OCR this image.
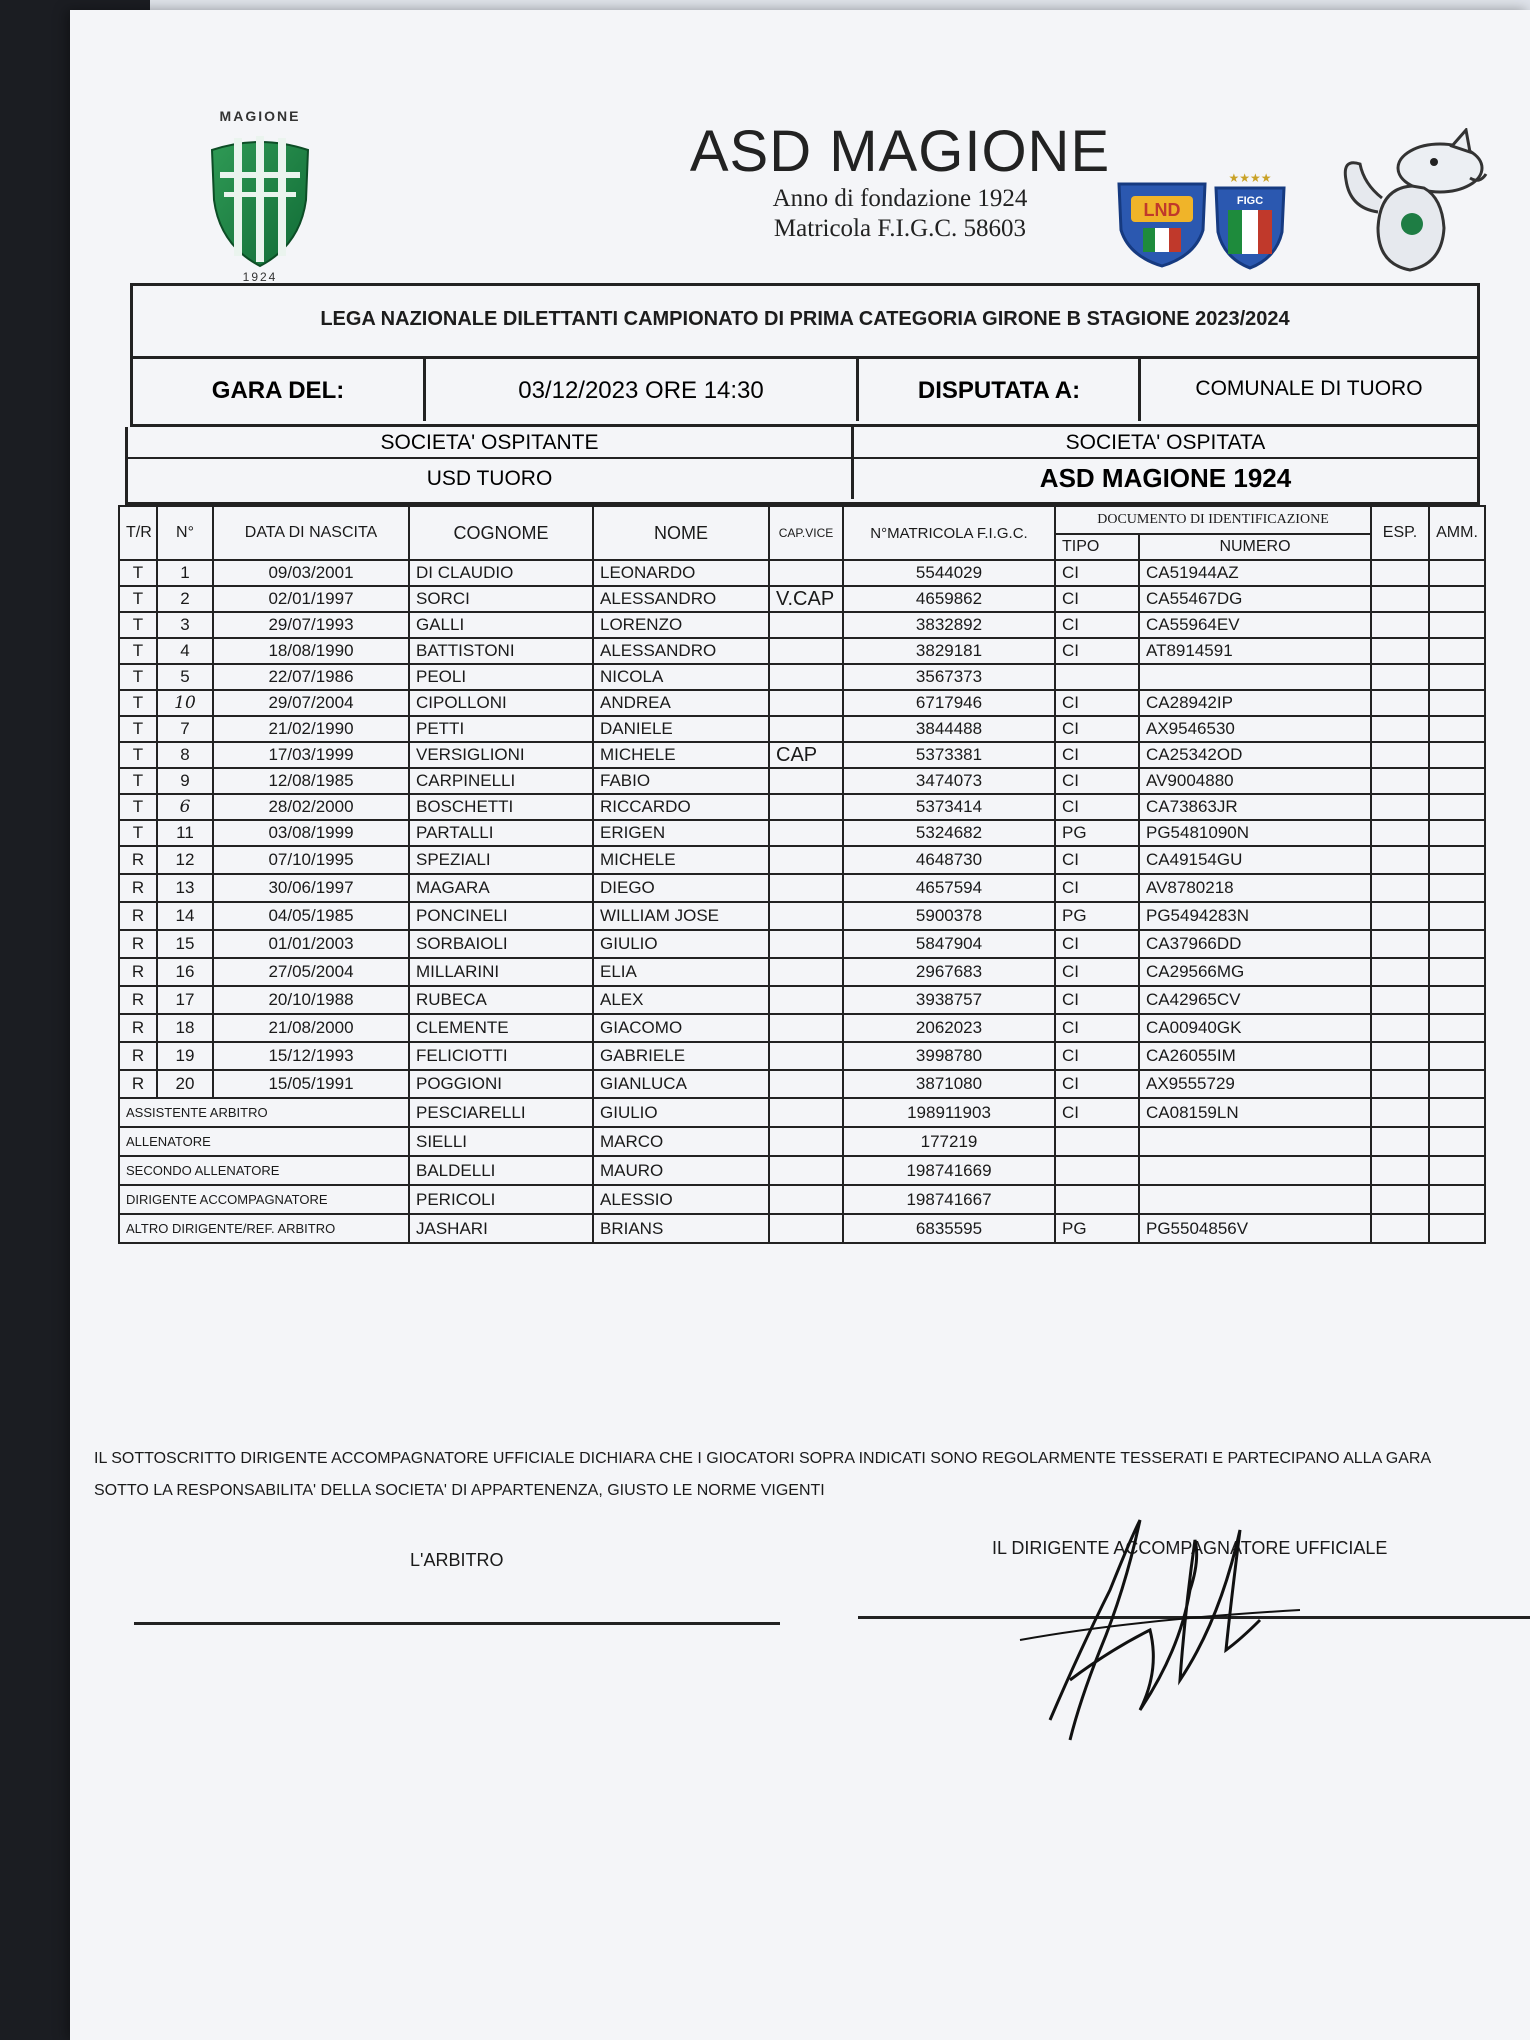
MAGIONE
1924
ASD MAGIONE
Anno di fondazione 1924
Matricola F.I.G.C. 58603
LND
★★★★
FIGC
LEGA NAZIONALE DILETTANTI CAMPIONATO DI PRIMA CATEGORIA GIRONE B STAGIONE 2023/2024
GARA DEL:	03/12/2023 ORE 14:30	DISPUTATA A:	COMUNALE DI TUORO
SOCIETA' OSPITANTE	SOCIETA' OSPITATA
USD TUORO	ASD MAGIONE 1924
T/R	N°	DATA DI NASCITA	COGNOME	NOME	CAP.VICE	N°MATRICOLA F.I.G.C.	DOCUMENTO DI IDENTIFICAZIONE		ESP.	AMM.
							TIPO	NUMERO		
T	1	09/03/2001	DI CLAUDIO	LEONARDO		5544029	CI	CA51944AZ		
T	2	02/01/1997	SORCI	ALESSANDRO	V.CAP	4659862	CI	CA55467DG		
T	3	29/07/1993	GALLI	LORENZO		3832892	CI	CA55964EV		
T	4	18/08/1990	BATTISTONI	ALESSANDRO		3829181	CI	AT8914591		
T	5	22/07/1986	PEOLI	NICOLA		3567373				
T	10	29/07/2004	CIPOLLONI	ANDREA		6717946	CI	CA28942IP		
T	7	21/02/1990	PETTI	DANIELE		3844488	CI	AX9546530		
T	8	17/03/1999	VERSIGLIONI	MICHELE	CAP	5373381	CI	CA25342OD		
T	9	12/08/1985	CARPINELLI	FABIO		3474073	CI	AV9004880		
T	6	28/02/2000	BOSCHETTI	RICCARDO		5373414	CI	CA73863JR		
T	11	03/08/1999	PARTALLI	ERIGEN		5324682	PG	PG5481090N		
R	12	07/10/1995	SPEZIALI	MICHELE		4648730	CI	CA49154GU		
R	13	30/06/1997	MAGARA	DIEGO		4657594	CI	AV8780218		
R	14	04/05/1985	PONCINELI	WILLIAM JOSE		5900378	PG	PG5494283N		
R	15	01/01/2003	SORBAIOLI	GIULIO		5847904	CI	CA37966DD		
R	16	27/05/2004	MILLARINI	ELIA		2967683	CI	CA29566MG		
R	17	20/10/1988	RUBECA	ALEX		3938757	CI	CA42965CV		
R	18	21/08/2000	CLEMENTE	GIACOMO		2062023	CI	CA00940GK		
R	19	15/12/1993	FELICIOTTI	GABRIELE		3998780	CI	CA26055IM		
R	20	15/05/1991	POGGIONI	GIANLUCA		3871080	CI	AX9555729		
ASSISTENTE ARBITRO			PESCIARELLI	GIULIO		198911903	CI	CA08159LN		
ALLENATORE			SIELLI	MARCO		177219				
SECONDO ALLENATORE			BALDELLI	MAURO		198741669				
DIRIGENTE ACCOMPAGNATORE			PERICOLI	ALESSIO		198741667				
ALTRO DIRIGENTE/REF. ARBITRO			JASHARI	BRIANS		6835595	PG	PG5504856V		
IL SOTTOSCRITTO DIRIGENTE ACCOMPAGNATORE UFFICIALE DICHIARA CHE I GIOCATORI SOPRA INDICATI SONO REGOLARMENTE TESSERATI E PARTECIPANO ALLA GARA
SOTTO LA RESPONSABILITA' DELLA SOCIETA' DI APPARTENENZA, GIUSTO LE NORME VIGENTI
L'ARBITRO
IL DIRIGENTE ACCOMPAGNATORE UFFICIALE
